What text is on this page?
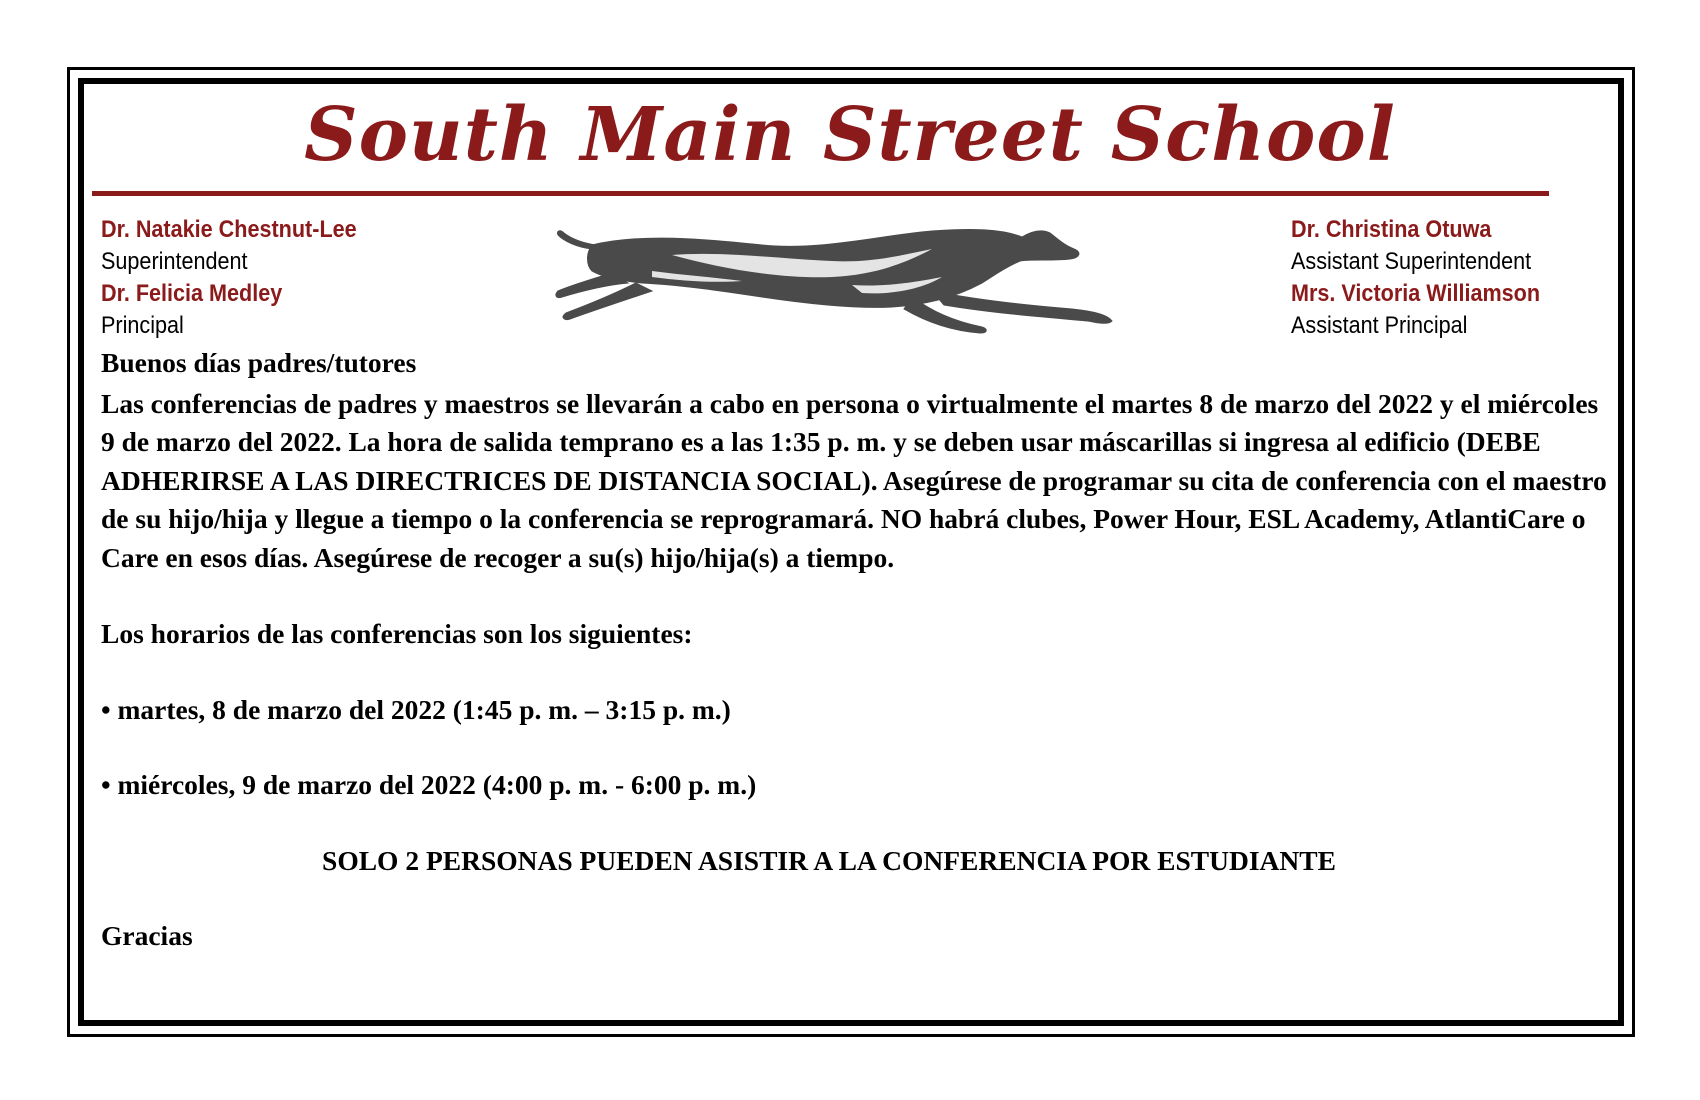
South Main Street School
Dr. Natakie Chestnut-Lee
Superintendent
Dr. Felicia Medley
Principal
Dr. Christina Otuwa
Assistant Superintendent
Mrs. Victoria Williamson
Assistant Principal

Buenos días padres/tutores

Las conferencias de padres y maestros se llevarán a cabo en persona o virtualmente el martes 8 de marzo del 2022 y el miércoles 9 de marzo del 2022. La hora de salida temprano es a las 1:35 p. m. y se deben usar máscarillas si ingresa al edificio (DEBE ADHERIRSE A LAS DIRECTRICES DE DISTANCIA SOCIAL). Asegúrese de programar su cita de conferencia con el maestro de su hijo/hija y llegue a tiempo o la conferencia se reprogramará. NO habrá clubes, Power Hour, ESL Academy, AtlantiCare o Care en esos días. Asegúrese de recoger a su(s) hijo/hija(s) a tiempo.

Los horarios de las conferencias son los siguientes:

• martes, 8 de marzo del 2022 (1:45 p. m. – 3:15 p. m.)

• miércoles, 9 de marzo del 2022 (4:00 p. m. - 6:00 p. m.)

SOLO 2 PERSONAS PUEDEN ASISTIR A LA CONFERENCIA POR ESTUDIANTE

Gracias
